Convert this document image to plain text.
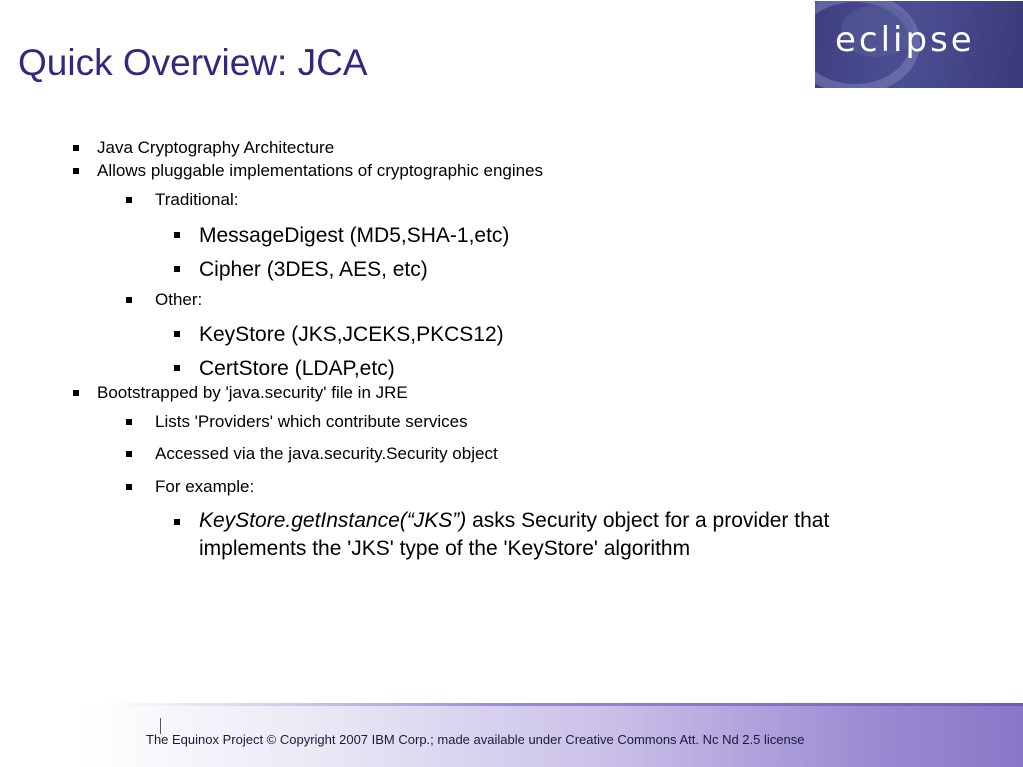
Quick Overview: JCA
eclipse
Java Cryptography Architecture
Allows pluggable implementations of cryptographic engines
Traditional:
MessageDigest (MD5,SHA-1,etc)
Cipher (3DES, AES, etc)
Other:
KeyStore (JKS,JCEKS,PKCS12)
CertStore (LDAP,etc)
Bootstrapped by 'java.security' file in JRE
Lists 'Providers' which contribute services
Accessed via the java.security.Security object
For example:
KeyStore.getInstance(“JKS”) asks Security object for a provider that implements the 'JKS' type of the 'KeyStore' algorithm
The Equinox Project © Copyright 2007 IBM Corp.; made available under Creative Commons Att. Nc Nd 2.5 license
